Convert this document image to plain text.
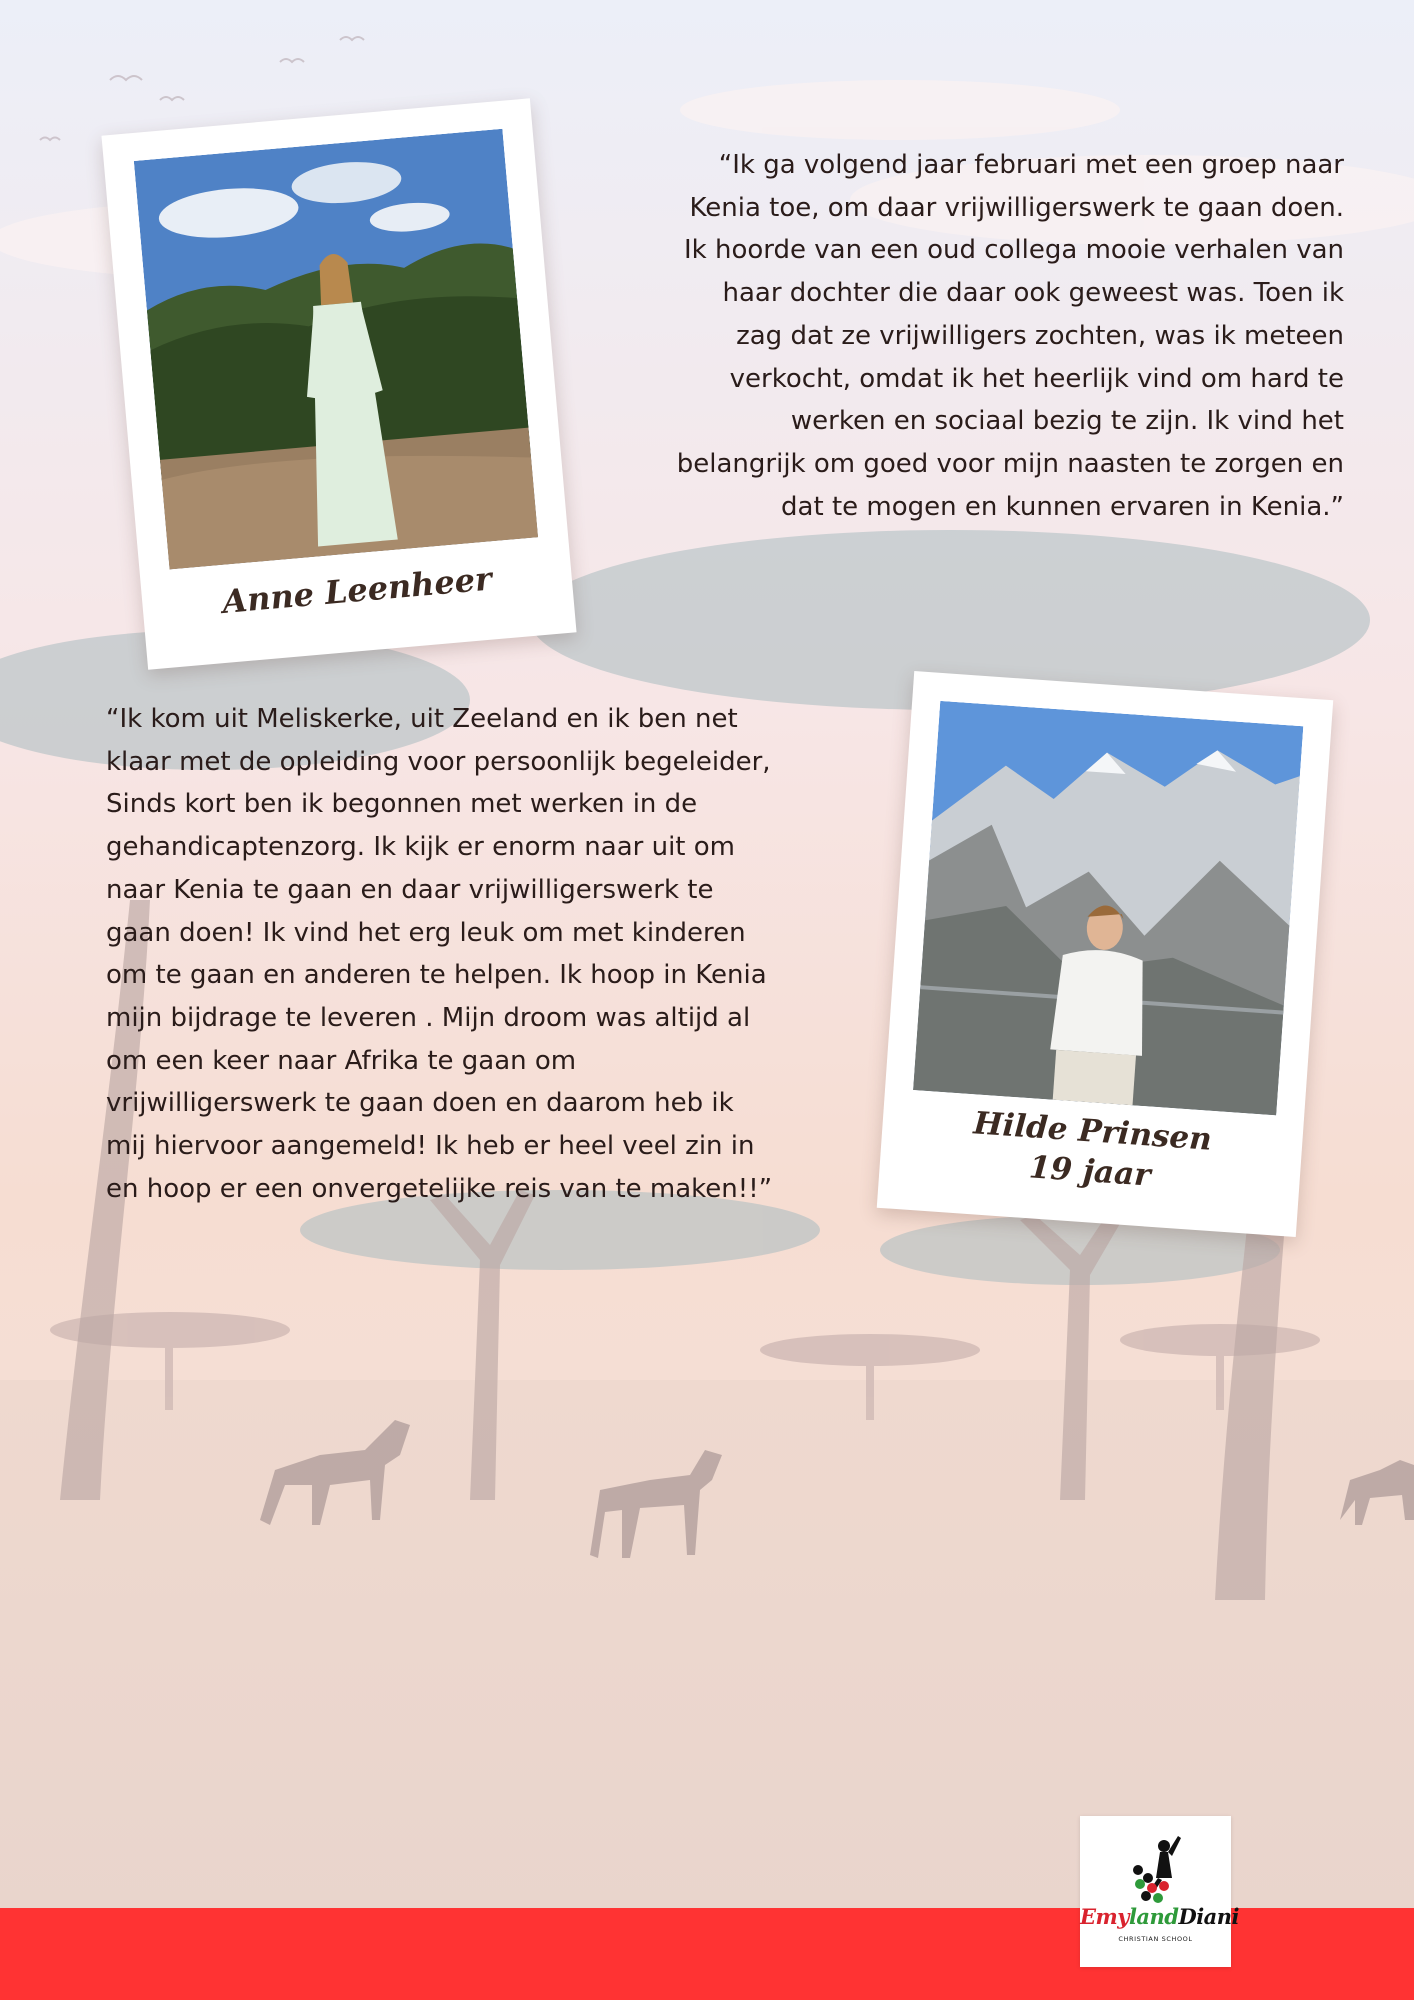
Anne Leenheer

“Ik ga volgend jaar februari met een groep naar
Kenia toe, om daar vrijwilligerswerk te gaan doen.
Ik hoorde van een oud collega mooie verhalen van
haar dochter die daar ook geweest was. Toen ik
zag dat ze vrijwilligers zochten, was ik meteen
verkocht, omdat ik het heerlijk vind om hard te
werken en sociaal bezig te zijn. Ik vind het
belangrijk om goed voor mijn naasten te zorgen en
dat te mogen en kunnen ervaren in Kenia.”

“Ik kom uit Meliskerke, uit Zeeland en ik ben net
klaar met de opleiding voor persoonlijk begeleider,
Sinds kort ben ik begonnen met werken in de
gehandicaptenzorg. Ik kijk er enorm naar uit om
naar Kenia te gaan en daar vrijwilligerswerk te
gaan doen! Ik vind het erg leuk om met kinderen
om te gaan en anderen te helpen. Ik hoop in Kenia
mijn bijdrage te leveren . Mijn droom was altijd al
om een keer naar Afrika te gaan om
vrijwilligerswerk te gaan doen en daarom heb ik
mij hiervoor aangemeld! Ik heb er heel veel zin in
en hoop er een onvergetelijke reis van te maken!!”

Hilde Prinsen
19 jaar
EmylandDiani
CHRISTIAN SCHOOL
